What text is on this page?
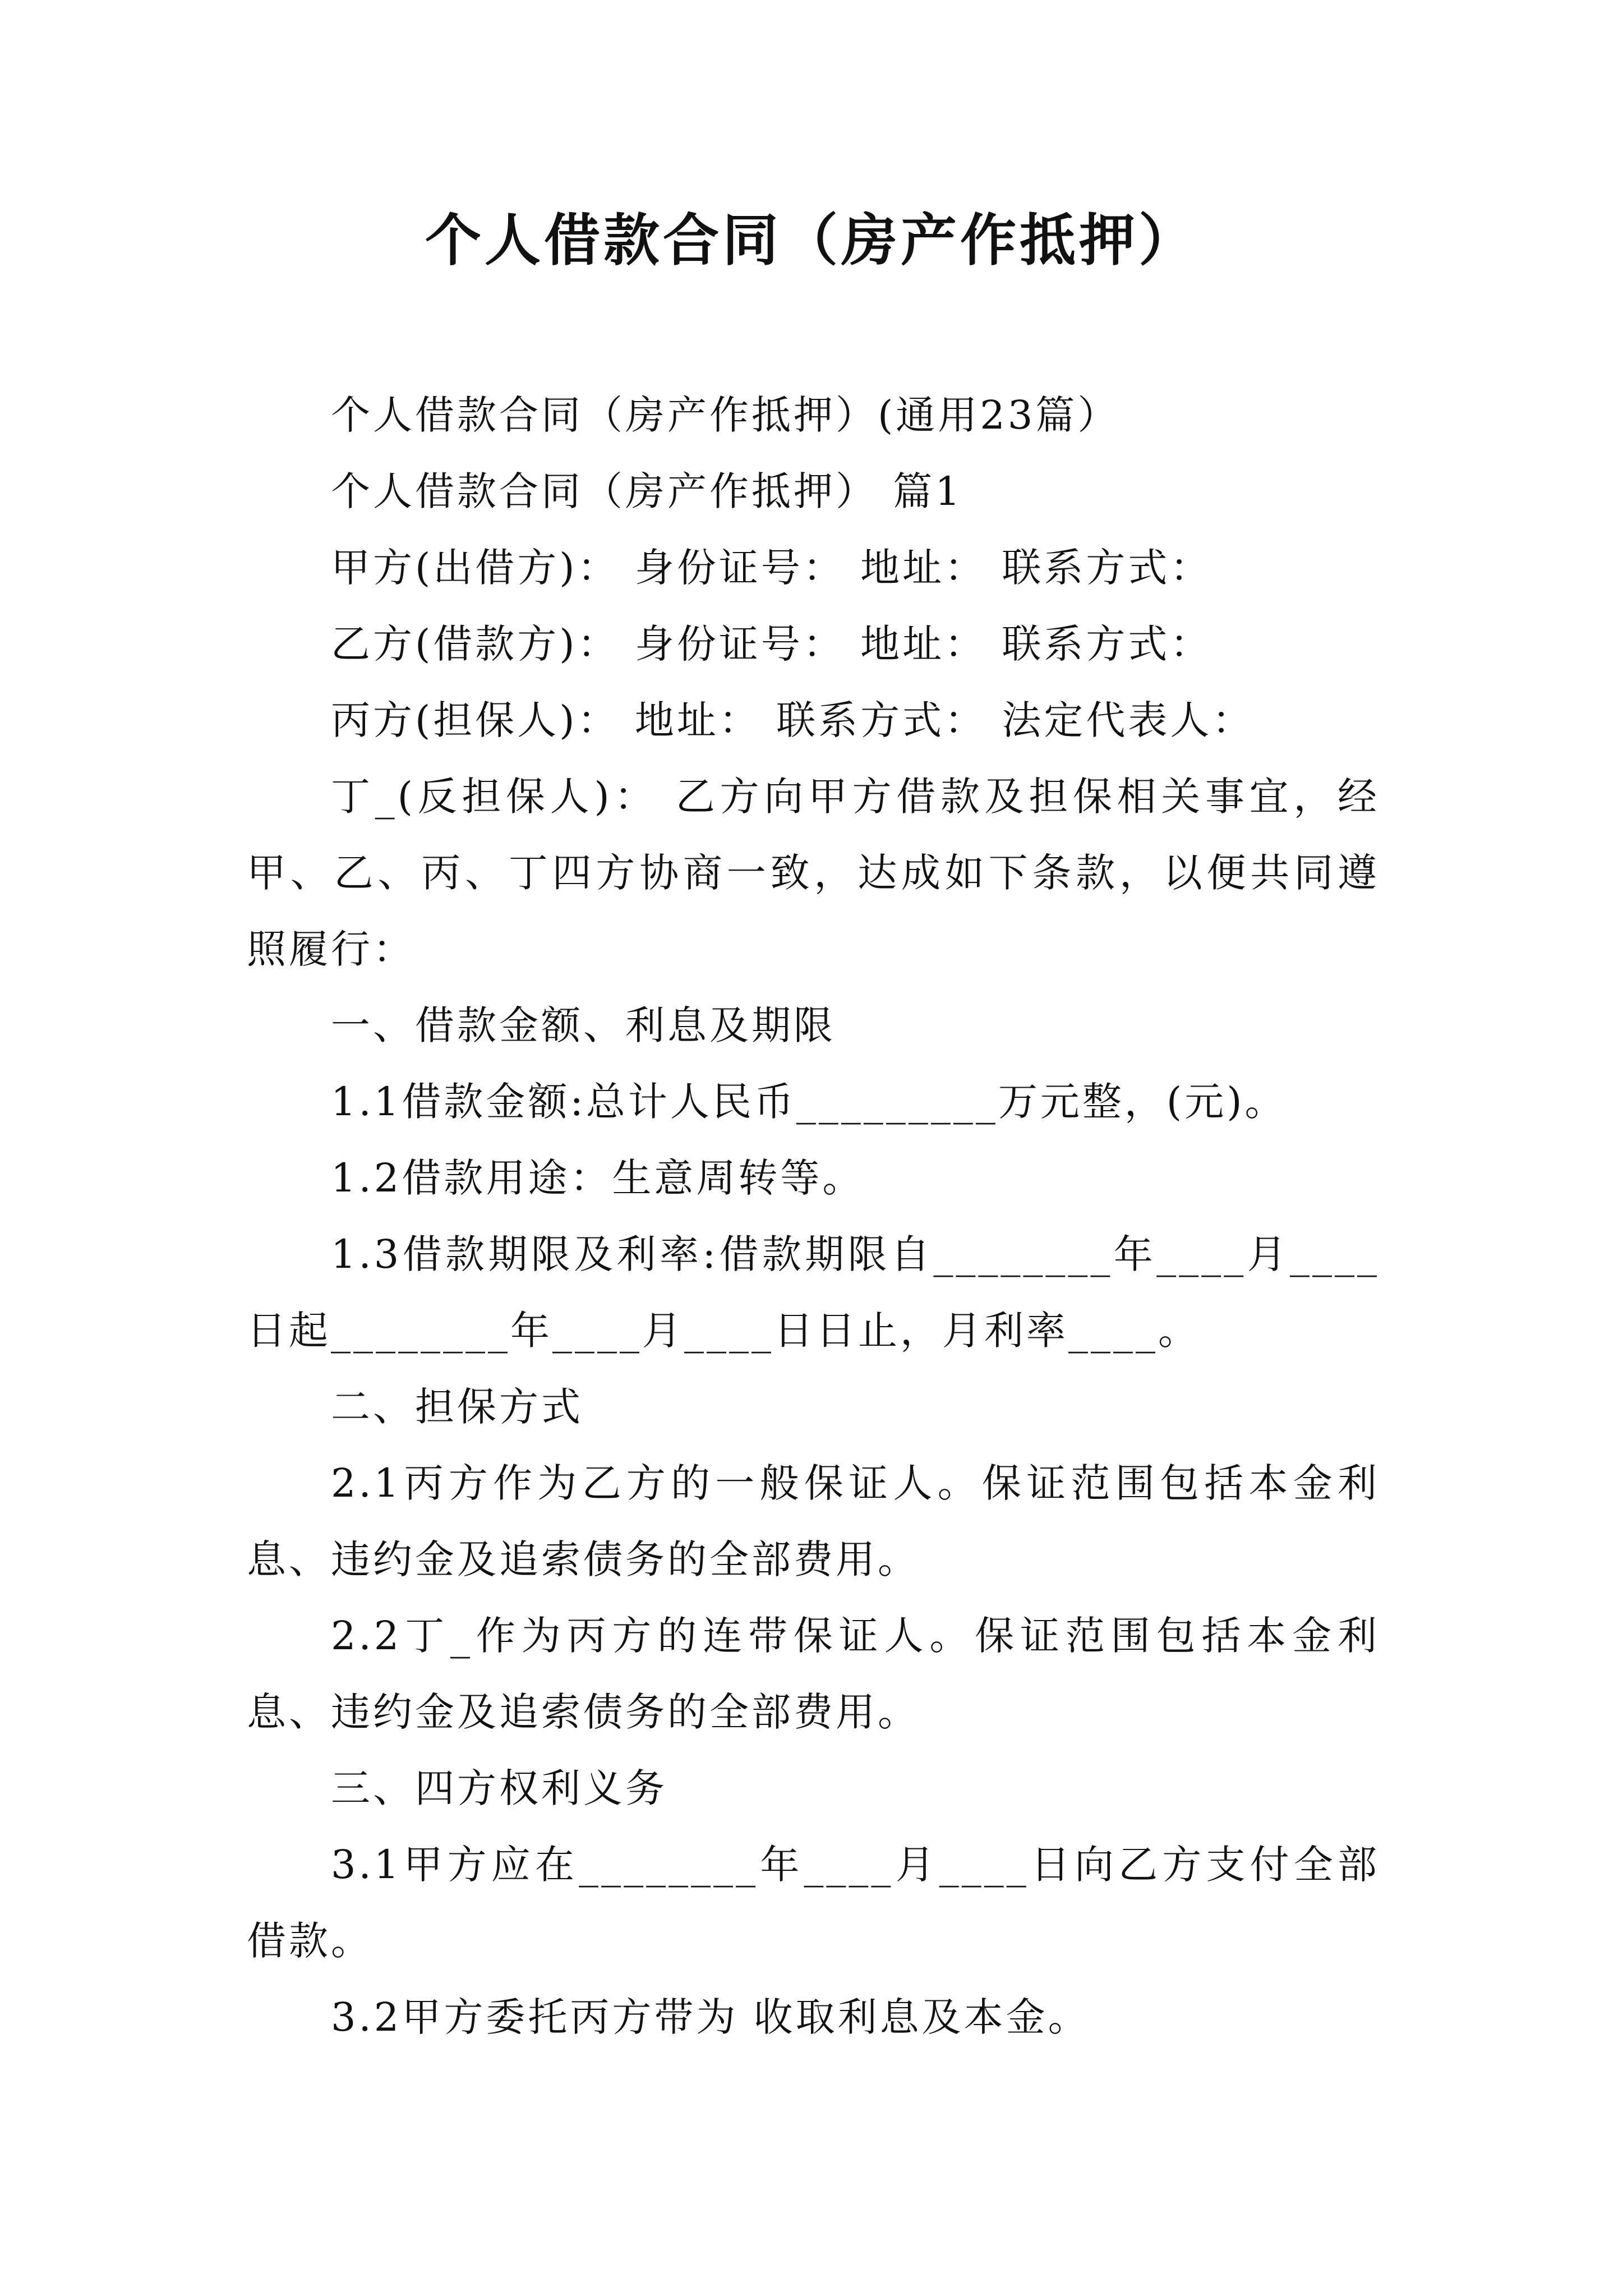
个人借款合同（房产作抵押）

个人借款合同（房产作抵押）(通用23篇）

个人借款合同（房产作抵押） 篇1

甲方(出借方)： 身份证号： 地址： 联系方式：

乙方(借款方)： 身份证号： 地址： 联系方式：

丙方(担保人)： 地址： 联系方式： 法定代表人：

丁_(反担保人)： 乙方向甲方借款及担保相关事宜，经甲、乙、丙、丁四方协商一致，达成如下条款，以便共同遵照履行：

一、借款金额、利息及期限

1.1借款金额:总计人民币_________万元整，(元)。

1.2借款用途：生意周转等。

1.3借款期限及利率:借款期限自________年____月____日起________年____月____日日止，月利率____。

二、担保方式

2.1丙方作为乙方的一般保证人。保证范围包括本金利息、违约金及追索债务的全部费用。

2.2丁_作为丙方的连带保证人。保证范围包括本金利息、违约金及追索债务的全部费用。

三、四方权利义务

3.1甲方应在________年____月____日向乙方支付全部借款。

3.2甲方委托丙方带为 收取利息及本金。
